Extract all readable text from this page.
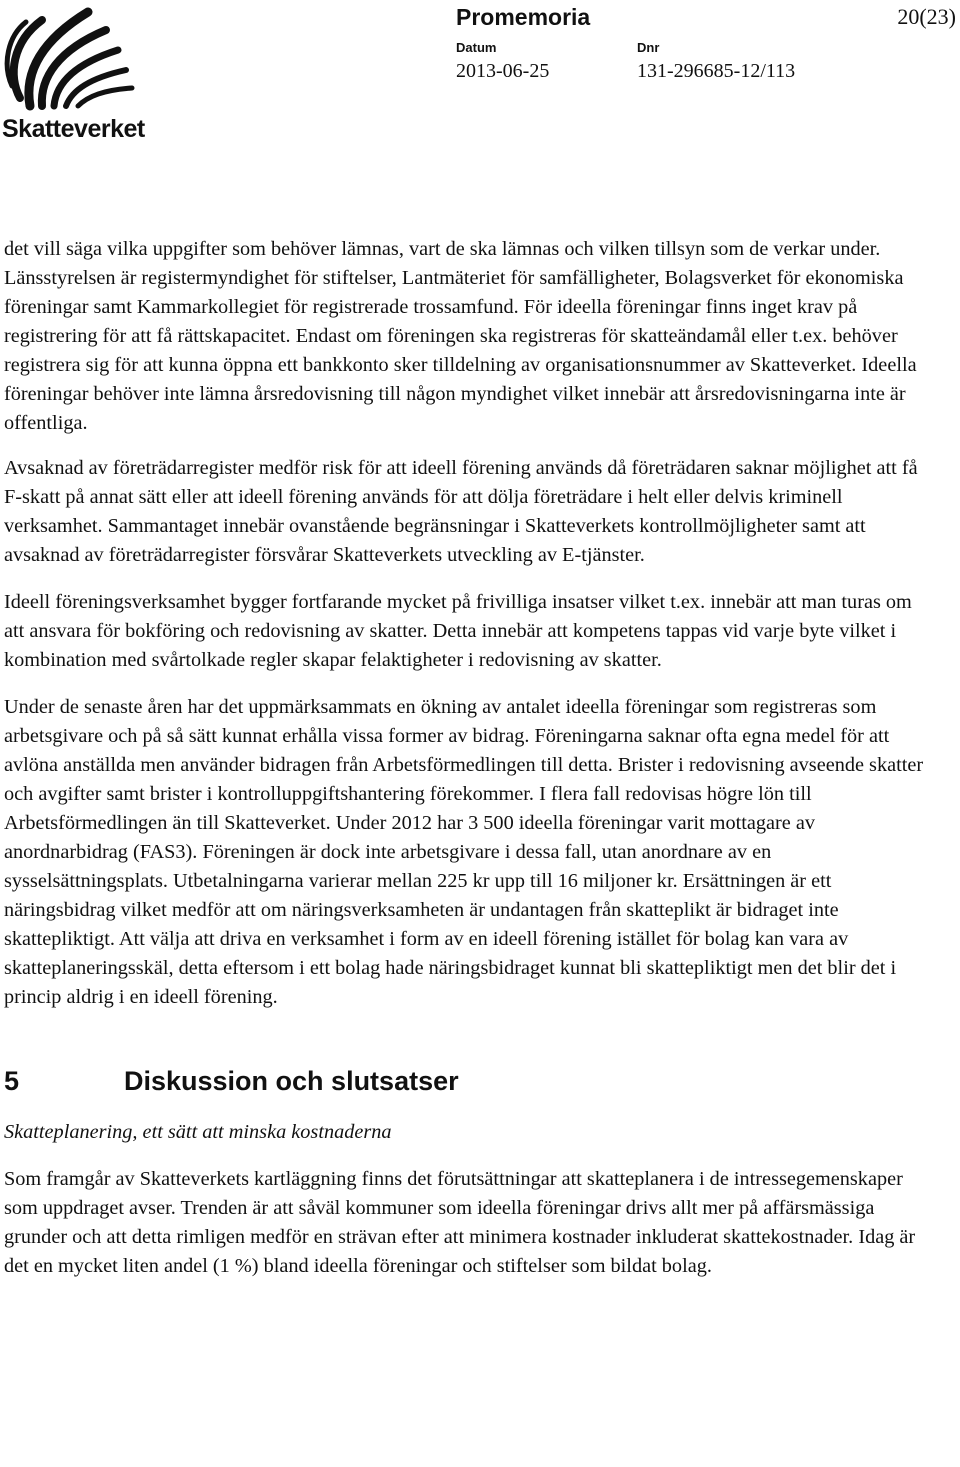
Skatteverket
Promemoria	20(23)
Datum
2013-06-25
Dnr
131-296685-12/113

det vill säga vilka uppgifter som behöver lämnas, vart de ska lämnas och vilken tillsyn som de verkar under. Länsstyrelsen är registermyndighet för stiftelser, Lantmäteriet för samfälligheter, Bolagsverket för ekonomiska föreningar samt Kammarkollegiet för registrerade trossamfund. För ideella föreningar finns inget krav på registrering för att få rättskapacitet. Endast om föreningen ska registreras för skatteändamål eller t.ex. behöver registrera sig för att kunna öppna ett bankkonto sker tilldelning av organisationsnummer av Skatteverket. Ideella föreningar behöver inte lämna årsredovisning till någon myndighet vilket innebär att årsredovisningarna inte är offentliga.

Avsaknad av företrädarregister medför risk för att ideell förening används då företrädaren saknar möjlighet att få F-skatt på annat sätt eller att ideell förening används för att dölja företrädare i helt eller delvis kriminell verksamhet. Sammantaget innebär ovanstående begränsningar i Skatteverkets kontrollmöjligheter samt att avsaknad av företrädarregister försvårar Skatteverkets utveckling av E-tjänster.

Ideell föreningsverksamhet bygger fortfarande mycket på frivilliga insatser vilket t.ex. innebär att man turas om att ansvara för bokföring och redovisning av skatter. Detta innebär att kompetens tappas vid varje byte vilket i kombination med svårtolkade regler skapar felaktigheter i redovisning av skatter.

Under de senaste åren har det uppmärksammats en ökning av antalet ideella föreningar som registreras som arbetsgivare och på så sätt kunnat erhålla vissa former av bidrag. Föreningarna saknar ofta egna medel för att avlöna anställda men använder bidragen från Arbetsförmedlingen till detta. Brister i redovisning avseende skatter och avgifter samt brister i kontrolluppgiftshantering förekommer. I flera fall redovisas högre lön till Arbetsförmedlingen än till Skatteverket. Under 2012 har 3 500 ideella föreningar varit mottagare av anordnarbidrag (FAS3). Föreningen är dock inte arbetsgivare i dessa fall, utan anordnare av en sysselsättningsplats. Utbetalningarna varierar mellan 225 kr upp till 16 miljoner kr. Ersättningen är ett näringsbidrag vilket medför att om näringsverksamheten är undantagen från skatteplikt är bidraget inte skattepliktigt. Att välja att driva en verksamhet i form av en ideell förening istället för bolag kan vara av skatteplaneringsskäl, detta eftersom i ett bolag hade näringsbidraget kunnat bli skattepliktigt men det blir det i princip aldrig i en ideell förening.

5	Diskussion och slutsatser

Skatteplanering, ett sätt att minska kostnaderna

Som framgår av Skatteverkets kartläggning finns det förutsättningar att skatteplanera i de intressegemenskaper som uppdraget avser. Trenden är att såväl kommuner som ideella föreningar drivs allt mer på affärsmässiga grunder och att detta rimligen medför en strävan efter att minimera kostnader inkluderat skattekostnader. Idag är det en mycket liten andel (1 %) bland ideella föreningar och stiftelser som bildat bolag.
